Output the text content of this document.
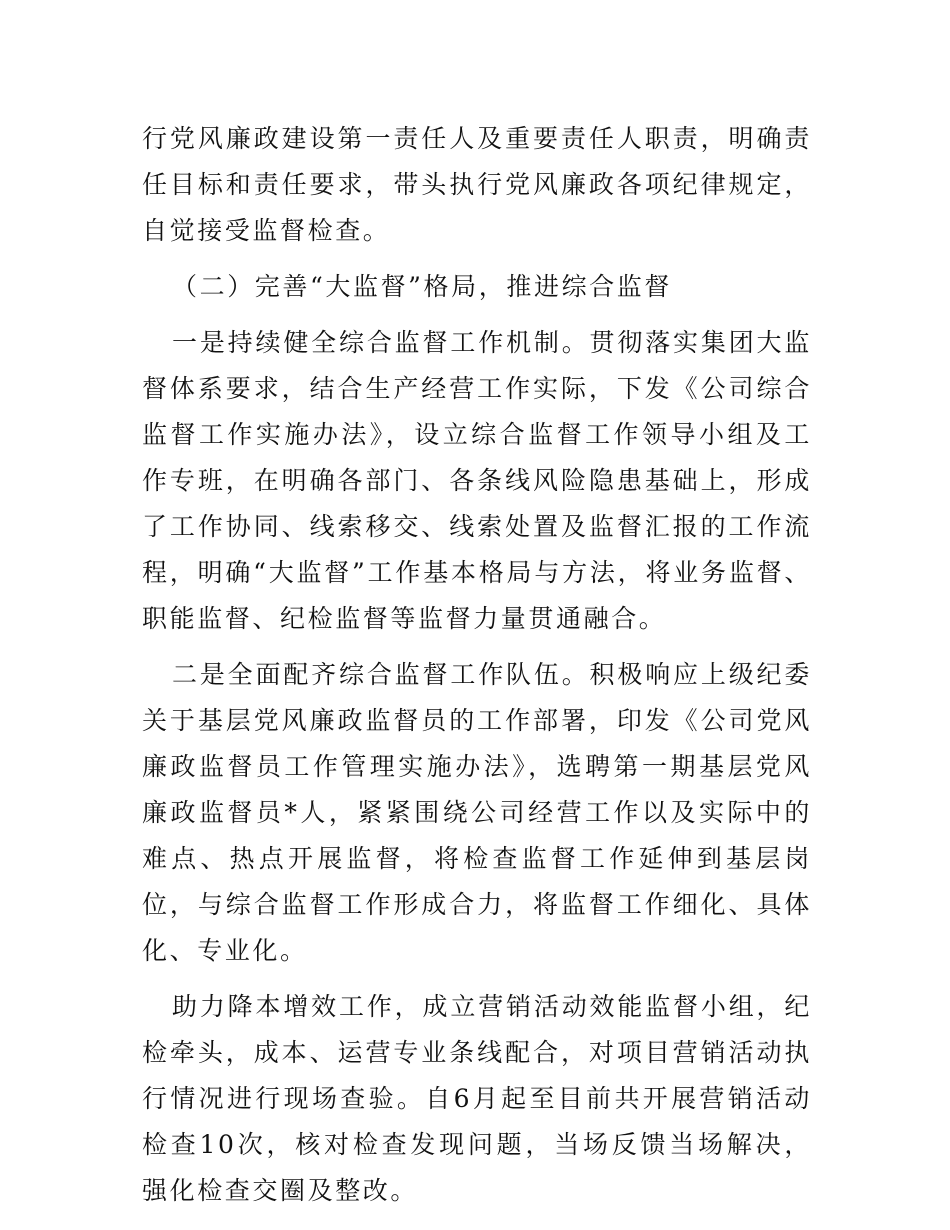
行党风廉政建设第一责任人及重要责任人职责，明确责任目标和责任要求，带头执行党风廉政各项纪律规定，自觉接受监督检查。

（二）完善“大监督”格局，推进综合监督

一是持续健全综合监督工作机制。贯彻落实集团大监督体系要求，结合生产经营工作实际，下发《公司综合监督工作实施办法》，设立综合监督工作领导小组及工作专班，在明确各部门、各条线风险隐患基础上，形成了工作协同、线索移交、线索处置及监督汇报的工作流程，明确“大监督”工作基本格局与方法，将业务监督、职能监督、纪检监督等监督力量贯通融合。

二是全面配齐综合监督工作队伍。积极响应上级纪委关于基层党风廉政监督员的工作部署，印发《公司党风廉政监督员工作管理实施办法》，选聘第一期基层党风廉政监督员*人，紧紧围绕公司经营工作以及实际中的难点、热点开展监督，将检查监督工作延伸到基层岗位，与综合监督工作形成合力，将监督工作细化、具体化、专业化。

助力降本增效工作，成立营销活动效能监督小组，纪检牵头，成本、运营专业条线配合，对项目营销活动执行情况进行现场查验。自6月起至目前共开展营销活动检查10次，核对检查发现问题，当场反馈当场解决，强化检查交圈及整改。
